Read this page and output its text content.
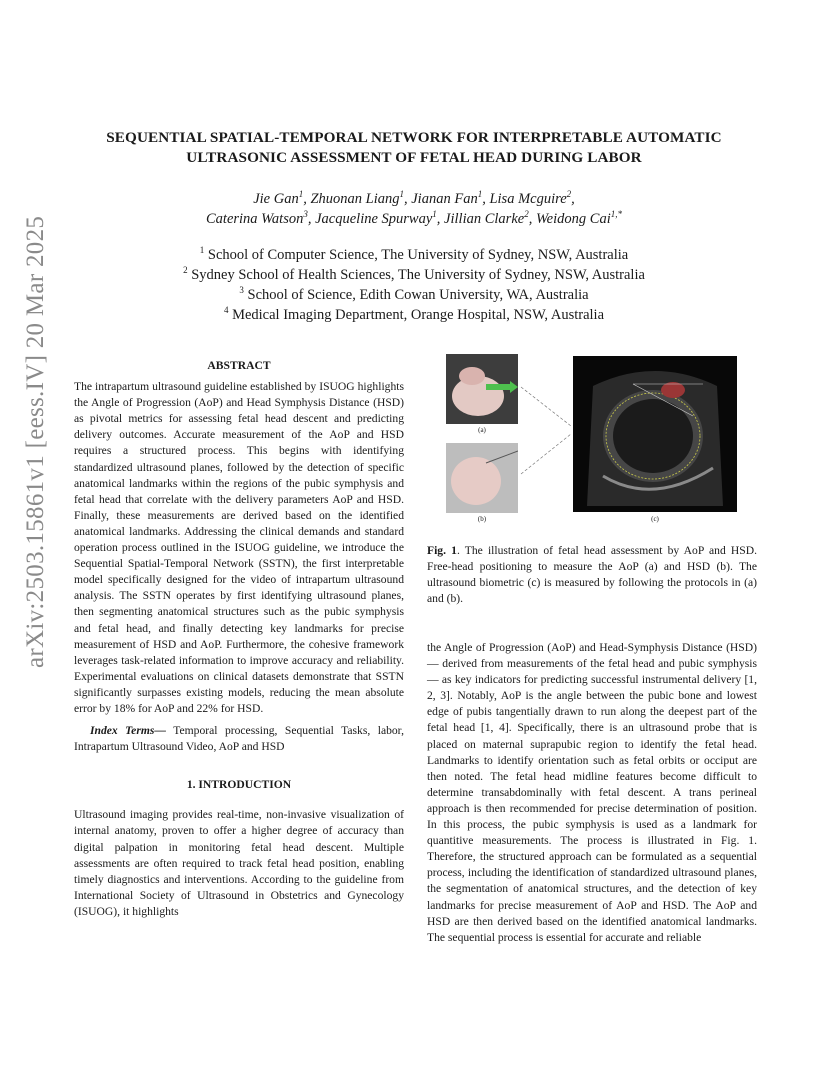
arXiv:2503.15861v1 [eess.IV] 20 Mar 2025
SEQUENTIAL SPATIAL-TEMPORAL NETWORK FOR INTERPRETABLE AUTOMATIC
ULTRASONIC ASSESSMENT OF FETAL HEAD DURING LABOR
Jie Gan$^1$, Zhuonan Liang$^1$, Jianan Fan$^1$, Lisa Mcguire$^2$,
Caterina Watson$^3$, Jacqueline Spurway$^1$, Jillian Clarke$^2$, Weidong Cai$^{1,*}$
$^1$ School of Computer Science, The University of Sydney, NSW, Australia
$^2$ Sydney School of Health Sciences, The University of Sydney, NSW, Australia
$^3$ School of Science, Edith Cowan University, WA, Australia
$^4$ Medical Imaging Department, Orange Hospital, NSW, Australia
ABSTRACT

The intrapartum ultrasound guideline established by ISUOG highlights the Angle of Progression (AoP) and Head Symphysis Distance (HSD) as pivotal metrics for assessing fetal head descent and predicting delivery outcomes. Accurate measurement of the AoP and HSD requires a structured process. This begins with identifying standardized ultrasound planes, followed by the detection of specific anatomical landmarks within the regions of the pubic symphysis and fetal head that correlate with the delivery parameters AoP and HSD. Finally, these measurements are derived based on the identified anatomical landmarks. Addressing the clinical demands and standard operation process outlined in the ISUOG guideline, we introduce the Sequential Spatial-Temporal Network (SSTN), the first interpretable model specifically designed for the video of intrapartum ultrasound analysis. The SSTN operates by first identifying ultrasound planes, then segmenting anatomical structures such as the pubic symphysis and fetal head, and finally detecting key landmarks for precise measurement of HSD and AoP. Furthermore, the cohesive framework leverages task-related information to improve accuracy and reliability. Experimental evaluations on clinical datasets demonstrate that SSTN significantly surpasses existing models, reducing the mean absolute error by 18% for AoP and 22% for HSD.

Index Terms— Temporal processing, Sequential Tasks, labor, Intrapartum Ultrasound Video, AoP and HSD

1. INTRODUCTION

Ultrasound imaging provides real-time, non-invasive visualization of internal anatomy, proven to offer a higher degree of accuracy than digital palpation in monitoring fetal head descent. Multiple assessments are often required to track fetal head position, enabling timely diagnostics and interventions. According to the guideline from International Society of Ultrasound in Obstetrics and Gynecology (ISUOG), it highlights

(a)
(b)	(c)
Fig. 1. The illustration of fetal head assessment by AoP and HSD. Free-head positioning to measure the AoP (a) and HSD (b). The ultrasound biometric (c) is measured by following the protocols in (a) and (b).

the Angle of Progression (AoP) and Head-Symphysis Distance (HSD) — derived from measurements of the fetal head and pubic symphysis — as key indicators for predicting successful instrumental delivery [1, 2, 3]. Notably, AoP is the angle between the pubic bone and lowest edge of pubis tangentially drawn to run along the deepest part of the fetal head [1, 4]. Specifically, there is an ultrasound probe that is placed on maternal suprapubic region to identify the fetal head. Landmarks to identify orientation such as fetal orbits or occiput are then noted. The fetal head midline features become difficult to determine transabdominally with fetal descent. A trans perineal approach is then recommended for precise determination of position. In this process, the pubic symphysis is used as a landmark for quantitive measurements. The process is illustrated in Fig. 1. Therefore, the structured approach can be formulated as a sequential process, including the identification of standardized ultrasound planes, the segmentation of anatomical structures, and the detection of key landmarks for precise measurement of AoP and HSD. The AoP and HSD are then derived based on the identified anatomical landmarks. The sequential process is essential for accurate and reliable
